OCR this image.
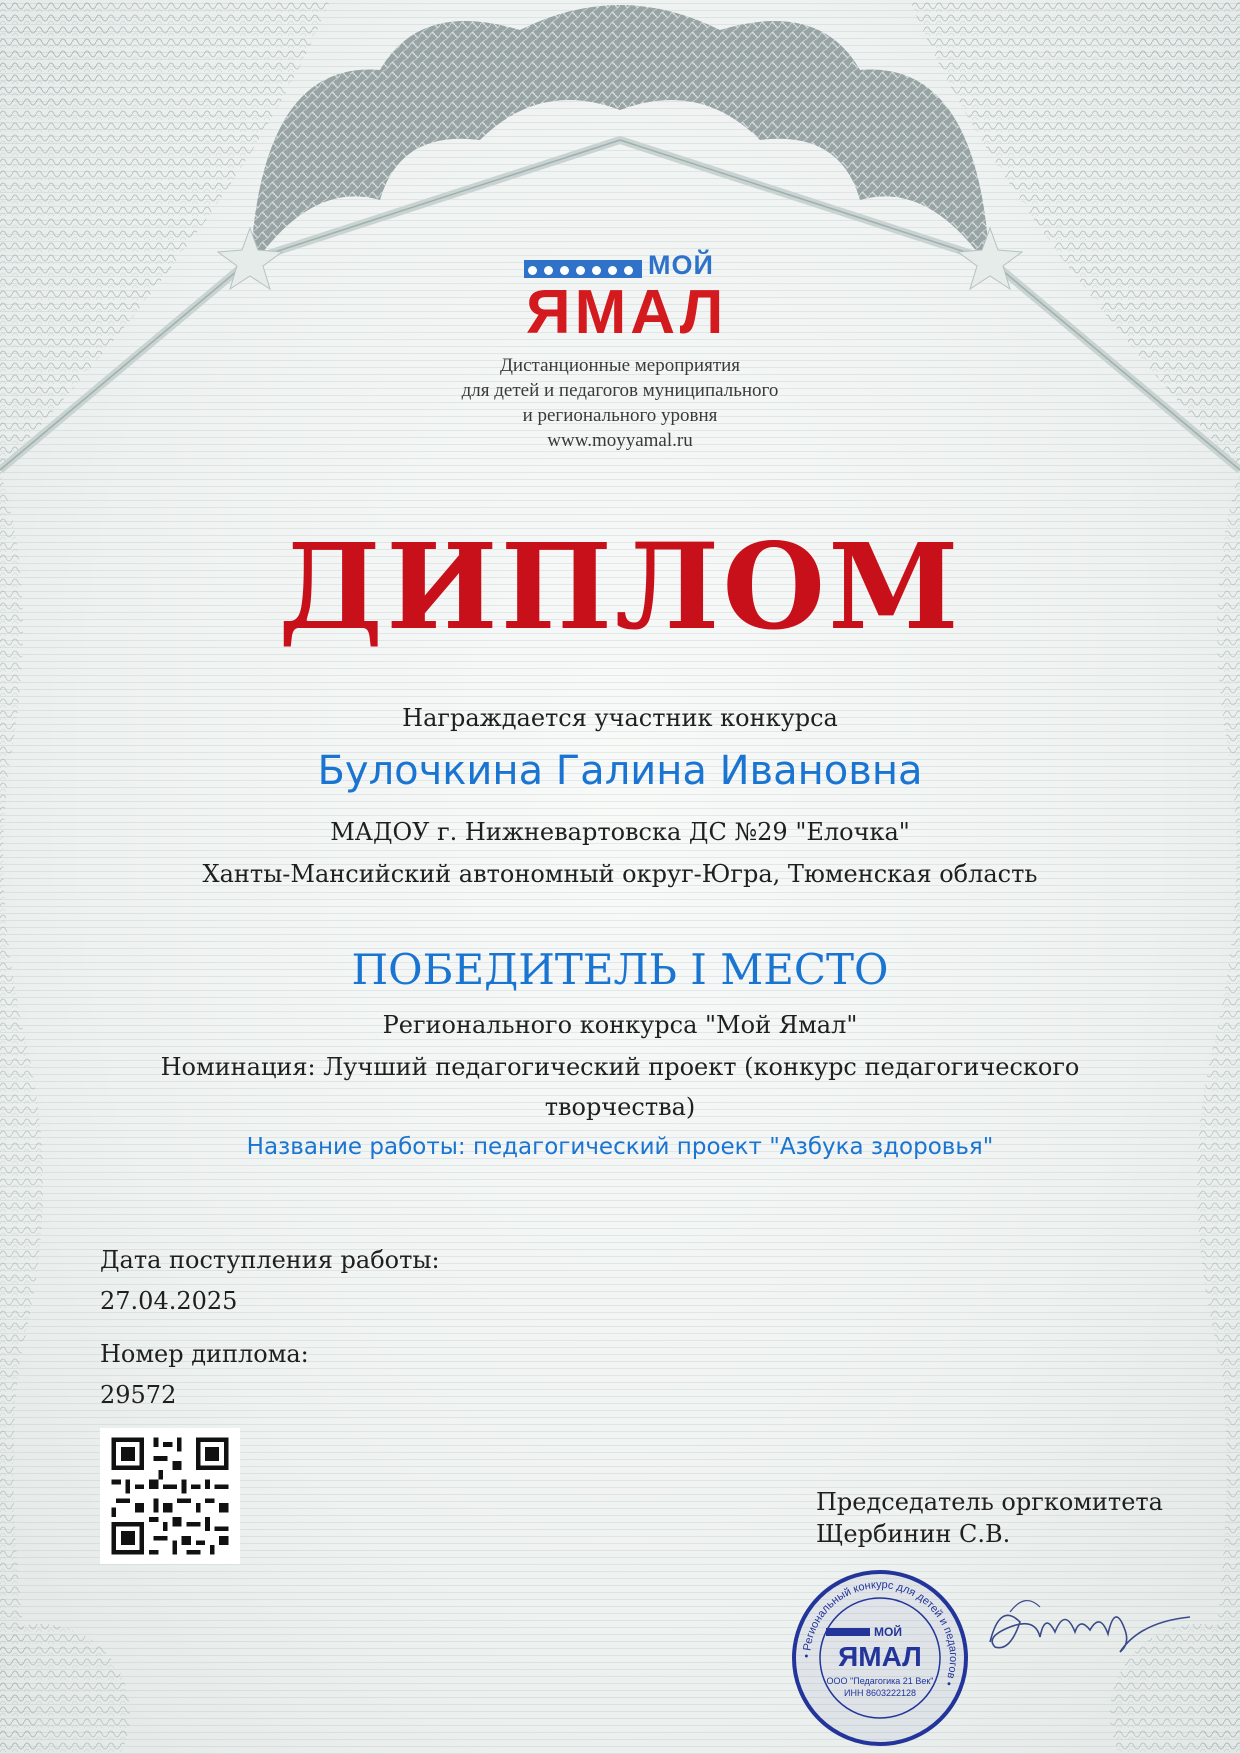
МОЙ
ЯМАЛ
Дистанционные мероприятия
для детей и педагогов муниципального
и регионального уровня
www.moyyamal.ru
ДИПЛОМ
Награждается участник конкурса
Булочкина Галина Ивановна
МАДОУ г. Нижневартовска ДС №29 "Елочка"
Ханты-Мансийский автономный округ-Югра, Тюменская область
ПОБЕДИТЕЛЬ I МЕСТО
Регионального конкурса "Мой Ямал"
Номинация: Лучший педагогический проект (конкурс педагогического
творчества)
Название работы: педагогический проект "Азбука здоровья"
Дата поступления работы:
27.04.2025
Номер диплома:
29572
Председатель оргкомитета
Щербинин С.В.
• Региональный конкурс для детей и педагогов •
МОЙ
ЯМАЛ
ООО "Педагогика 21 Век"
ИНН 8603222128
